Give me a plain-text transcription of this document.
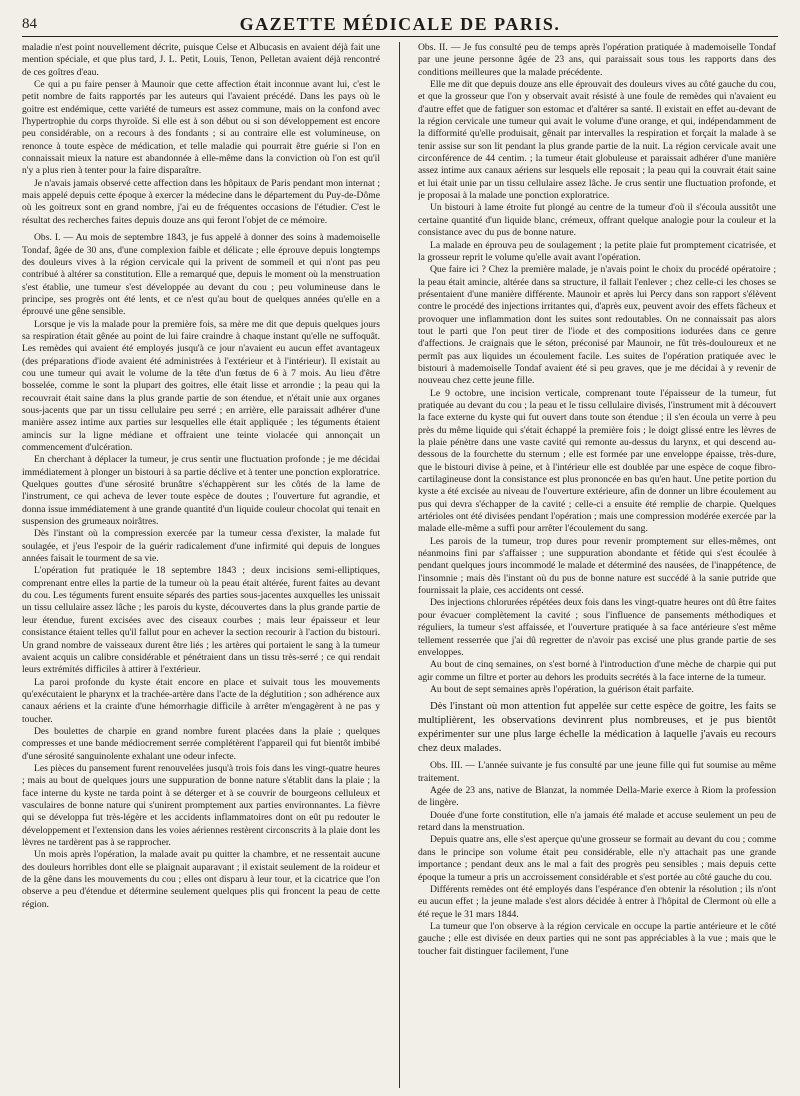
84	GAZETTE MÉDICALE DE PARIS.

maladie n'est point nouvellement décrite, puisque Celse et Albucasis en avaient déjà fait une mention spéciale, et que plus tard, J. L. Petit, Louis, Tenon, Pelletan avaient déjà rencontré de ces goîtres d'eau.

Ce qui a pu faire penser à Maunoir que cette affection était inconnue avant lui, c'est le petit nombre de faits rapportés par les auteurs qui l'avaient précédé. Dans les pays où le goitre est endémique, cette variété de tumeurs est assez commune, mais on la confond avec l'hypertrophie du corps thyroïde. Si elle est à son début ou si son développement est encore peu considérable, on a recours à des fondants ; si au contraire elle est volumineuse, on renonce à toute espèce de médication, et telle maladie qui pourrait être guérie si l'on en connaissait mieux la nature est abandonnée à elle-même dans la conviction où l'on est qu'il n'y a plus rien à tenter pour la faire disparaître.

Je n'avais jamais observé cette affection dans les hôpitaux de Paris pendant mon internat ; mais appelé depuis cette époque à exercer la médecine dans le département du Puy-de-Dôme où les goitreux sont en grand nombre, j'ai eu de fréquentes occasions de l'étudier. C'est le résultat des recherches faites depuis douze ans qui feront l'objet de ce mémoire.

Obs. I. — Au mois de septembre 1843, je fus appelé à donner des soins à mademoiselle Tondaf, âgée de 30 ans, d'une complexion faible et délicate ; elle éprouve depuis longtemps des douleurs vives à la région cervicale qui la privent de sommeil et qui n'ont pas peu contribué à altérer sa constitution. Elle a remarqué que, depuis le moment où la menstruation s'est établie, une tumeur s'est développée au devant du cou ; peu volumineuse dans le principe, ses progrès ont été lents, et ce n'est qu'au bout de quelques années qu'elle en a éprouvé une gêne sensible.

Lorsque je vis la malade pour la première fois, sa mère me dit que depuis quelques jours sa respiration était gênée au point de lui faire craindre à chaque instant qu'elle ne suffoquât. Les remèdes qui avaient été employés jusqu'à ce jour n'avaient eu aucun effet avantageux (des préparations d'iode avaient été administrées à l'extérieur et à l'intérieur). Il existait au cou une tumeur qui avait le volume de la tête d'un fœtus de 6 à 7 mois. Au lieu d'être bosselée, comme le sont la plupart des goitres, elle était lisse et arrondie ; la peau qui la recouvrait était saine dans la plus grande partie de son étendue, et n'était unie aux organes sous-jacents que par un tissu cellulaire peu serré ; en arrière, elle paraissait adhérer d'une manière assez intime aux parties sur lesquelles elle était appliquée ; les téguments étaient amincis sur la ligne médiane et offraient une teinte violacée qui annonçait un commencement d'ulcération.

En cherchant à déplacer la tumeur, je crus sentir une fluctuation profonde ; je me décidai immédiatement à plonger un bistouri à sa partie déclive et à tenter une ponction exploratrice. Quelques gouttes d'une sérosité brunâtre s'échappèrent sur les côtés de la lame de l'instrument, ce qui acheva de lever toute espèce de doutes ; l'ouverture fut agrandie, et donna issue immédiatement à une grande quantité d'un liquide couleur chocolat qui tenait en suspension des grumeaux noirâtres.

Dès l'instant où la compression exercée par la tumeur cessa d'exister, la malade fut soulagée, et j'eus l'espoir de la guérir radicalement d'une infirmité qui depuis de longues années faisait le tourment de sa vie.

L'opération fut pratiquée le 18 septembre 1843 ; deux incisions semi-elliptiques, comprenant entre elles la partie de la tumeur où la peau était altérée, furent faites au devant du cou. Les téguments furent ensuite séparés des parties sous-jacentes auxquelles les unissait un tissu cellulaire assez lâche ; les parois du kyste, découvertes dans la plus grande partie de leur étendue, furent excisées avec des ciseaux courbes ; mais leur épaisseur et leur consistance étaient telles qu'il fallut pour en achever la section recourir à l'action du bistouri. Un grand nombre de vaisseaux durent être liés ; les artères qui portaient le sang à la tumeur avaient acquis un calibre considérable et pénétraient dans un tissu très-serré ; ce qui rendait leurs extrémités difficiles à attirer à l'extérieur.

La paroi profonde du kyste était encore en place et suivait tous les mouvements qu'exécutaient le pharynx et la trachée-artère dans l'acte de la déglutition ; son adhérence aux canaux aériens et la crainte d'une hémorrhagie difficile à arrêter m'engagèrent à ne pas y toucher.

Des boulettes de charpie en grand nombre furent placées dans la plaie ; quelques compresses et une bande médiocrement serrée complétèrent l'appareil qui fut bientôt imbibé d'une sérosité sanguinolente exhalant une odeur infecte.

Les pièces du pansement furent renouvelées jusqu'à trois fois dans les vingt-quatre heures ; mais au bout de quelques jours une suppuration de bonne nature s'établit dans la plaie ; la face interne du kyste ne tarda point à se déterger et à se couvrir de bourgeons celluleux et vasculaires de bonne nature qui s'unirent promptement aux parties environnantes. La fièvre qui se développa fut très-légère et les accidents inflammatoires dont on eût pu redouter le développement et l'extension dans les voies aériennes restèrent circonscrits à la plaie dont les lèvres ne tardèrent pas à se rapprocher.

Un mois après l'opération, la malade avait pu quitter la chambre, et ne ressentait aucune des douleurs horribles dont elle se plaignait auparavant ; il existait seulement de la roideur et de la gêne dans les mouvements du cou ; elles ont disparu à leur tour, et la cicatrice que l'on observe a peu d'étendue et détermine seulement quelques plis qui froncent la peau de cette région.

Obs. II. — Je fus consulté peu de temps après l'opération pratiquée à mademoiselle Tondaf par une jeune personne âgée de 23 ans, qui paraissait sous tous les rapports dans des conditions meilleures que la malade précédente.

Elle me dit que depuis douze ans elle éprouvait des douleurs vives au côté gauche du cou, et que la grosseur que l'on y observait avait résisté à une foule de remèdes qui n'avaient eu d'autre effet que de fatiguer son estomac et d'altérer sa santé. Il existait en effet au-devant de la région cervicale une tumeur qui avait le volume d'une orange, et qui, indépendamment de la difformité qu'elle produisait, gênait par intervalles la respiration et forçait la malade à se tenir assise sur son lit pendant la plus grande partie de la nuit. La région cervicale avait une circonférence de 44 centim. ; la tumeur était globuleuse et paraissait adhérer d'une manière assez intime aux canaux aériens sur lesquels elle reposait ; la peau qui la couvrait était saine et lui était unie par un tissu cellulaire assez lâche. Je crus sentir une fluctuation profonde, et je proposai à la malade une ponction exploratrice.

Un bistouri à lame étroite fut plongé au centre de la tumeur d'où il s'écoula aussitôt une certaine quantité d'un liquide blanc, crémeux, offrant quelque analogie pour la couleur et la consistance avec du pus de bonne nature.

La malade en éprouva peu de soulagement ; la petite plaie fut promptement cicatrisée, et la grosseur reprit le volume qu'elle avait avant l'opération.

Que faire ici ? Chez la première malade, je n'avais point le choix du procédé opératoire ; la peau était amincie, altérée dans sa structure, il fallait l'enlever ; chez celle-ci les choses se présentaient d'une manière différente. Maunoir et après lui Percy dans son rapport s'élèvent contre le procédé des injections irritantes qui, d'après eux, peuvent avoir des effets fâcheux et provoquer une inflammation dont les suites sont redoutables. On ne connaissait pas alors tout le parti que l'on peut tirer de l'iode et des compositions iodurées dans ce genre d'affections. Je craignais que le séton, préconisé par Maunoir, ne fût très-douloureux et ne permît pas aux liquides un écoulement facile. Les suites de l'opération pratiquée avec le bistouri à mademoiselle Tondaf avaient été si peu graves, que je me décidai à y revenir de nouveau chez cette jeune fille.

Le 9 octobre, une incision verticale, comprenant toute l'épaisseur de la tumeur, fut pratiquée au devant du cou ; la peau et le tissu cellulaire divisés, l'instrument mit à découvert la face externe du kyste qui fut ouvert dans toute son étendue ; il s'en écoula un verre à peu près du même liquide qui s'était échappé la première fois ; le doigt glissé entre les lèvres de la plaie pénètre dans une vaste cavité qui remonte au-dessus du larynx, et qui descend au-dessous de la fourchette du sternum ; elle est formée par une enveloppe épaisse, très-dure, que le bistouri divise à peine, et à l'intérieur elle est doublée par une espèce de coque fibro-cartilagineuse dont la consistance est plus prononcée en bas qu'en haut. Une petite portion du kyste a été excisée au niveau de l'ouverture extérieure, afin de donner un libre écoulement au pus qui devra s'échapper de la cavité ; celle-ci a ensuite été remplie de charpie. Quelques artérioles ont été divisées pendant l'opération ; mais une compression modérée exercée par la malade elle-même a suffi pour arrêter l'écoulement du sang.

Les parois de la tumeur, trop dures pour revenir promptement sur elles-mêmes, ont néanmoins fini par s'affaisser ; une suppuration abondante et fétide qui s'est écoulée à pendant quelques jours incommodé le malade et déterminé des nausées, de l'inappétence, de l'insomnie ; mais dès l'instant où du pus de bonne nature est succédé à la sanie putride que fournissait la plaie, ces accidents ont cessé.

Des injections chlorurées répétées deux fois dans les vingt-quatre heures ont dû être faites pour évacuer complètement la cavité ; sous l'influence de pansements méthodiques et réguliers, la tumeur s'est affaissée, et l'ouverture pratiquée à sa face antérieure s'est même tellement resserrée que j'ai dû regretter de n'avoir pas excisé une plus grande partie de ses enveloppes.

Au bout de cinq semaines, on s'est borné à l'introduction d'une mèche de charpie qui put agir comme un filtre et porter au dehors les produits secrétés à la face interne de la tumeur.

Au bout de sept semaines après l'opération, la guérison était parfaite.

Dès l'instant où mon attention fut appelée sur cette espèce de goitre, les faits se multiplièrent, les observations devinrent plus nombreuses, et je pus bientôt expérimenter sur une plus large échelle la médication à laquelle j'avais eu recours chez deux malades.

Obs. III. — L'année suivante je fus consulté par une jeune fille qui fut soumise au même traitement.

Agée de 23 ans, native de Blanzat, la nommée Della-Marie exerce à Riom la profession de lingère.

Douée d'une forte constitution, elle n'a jamais été malade et accuse seulement un peu de retard dans la menstruation.

Depuis quatre ans, elle s'est aperçue qu'une grosseur se formait au devant du cou ; comme dans le principe son volume était peu considérable, elle n'y attachait pas une grande importance ; pendant deux ans le mal a fait des progrès peu sensibles ; mais depuis cette époque la tumeur a pris un accroissement considérable et s'est portée au côté gauche du cou.

Différents remèdes ont été employés dans l'espérance d'en obtenir la résolution ; ils n'ont eu aucun effet ; la jeune malade s'est alors décidée à entrer à l'hôpital de Clermont où elle a été reçue le 31 mars 1844.

La tumeur que l'on observe à la région cervicale en occupe la partie antérieure et le côté gauche ; elle est divisée en deux parties qui ne sont pas appréciables à la vue ; mais que le toucher fait distinguer facilement, l'une
